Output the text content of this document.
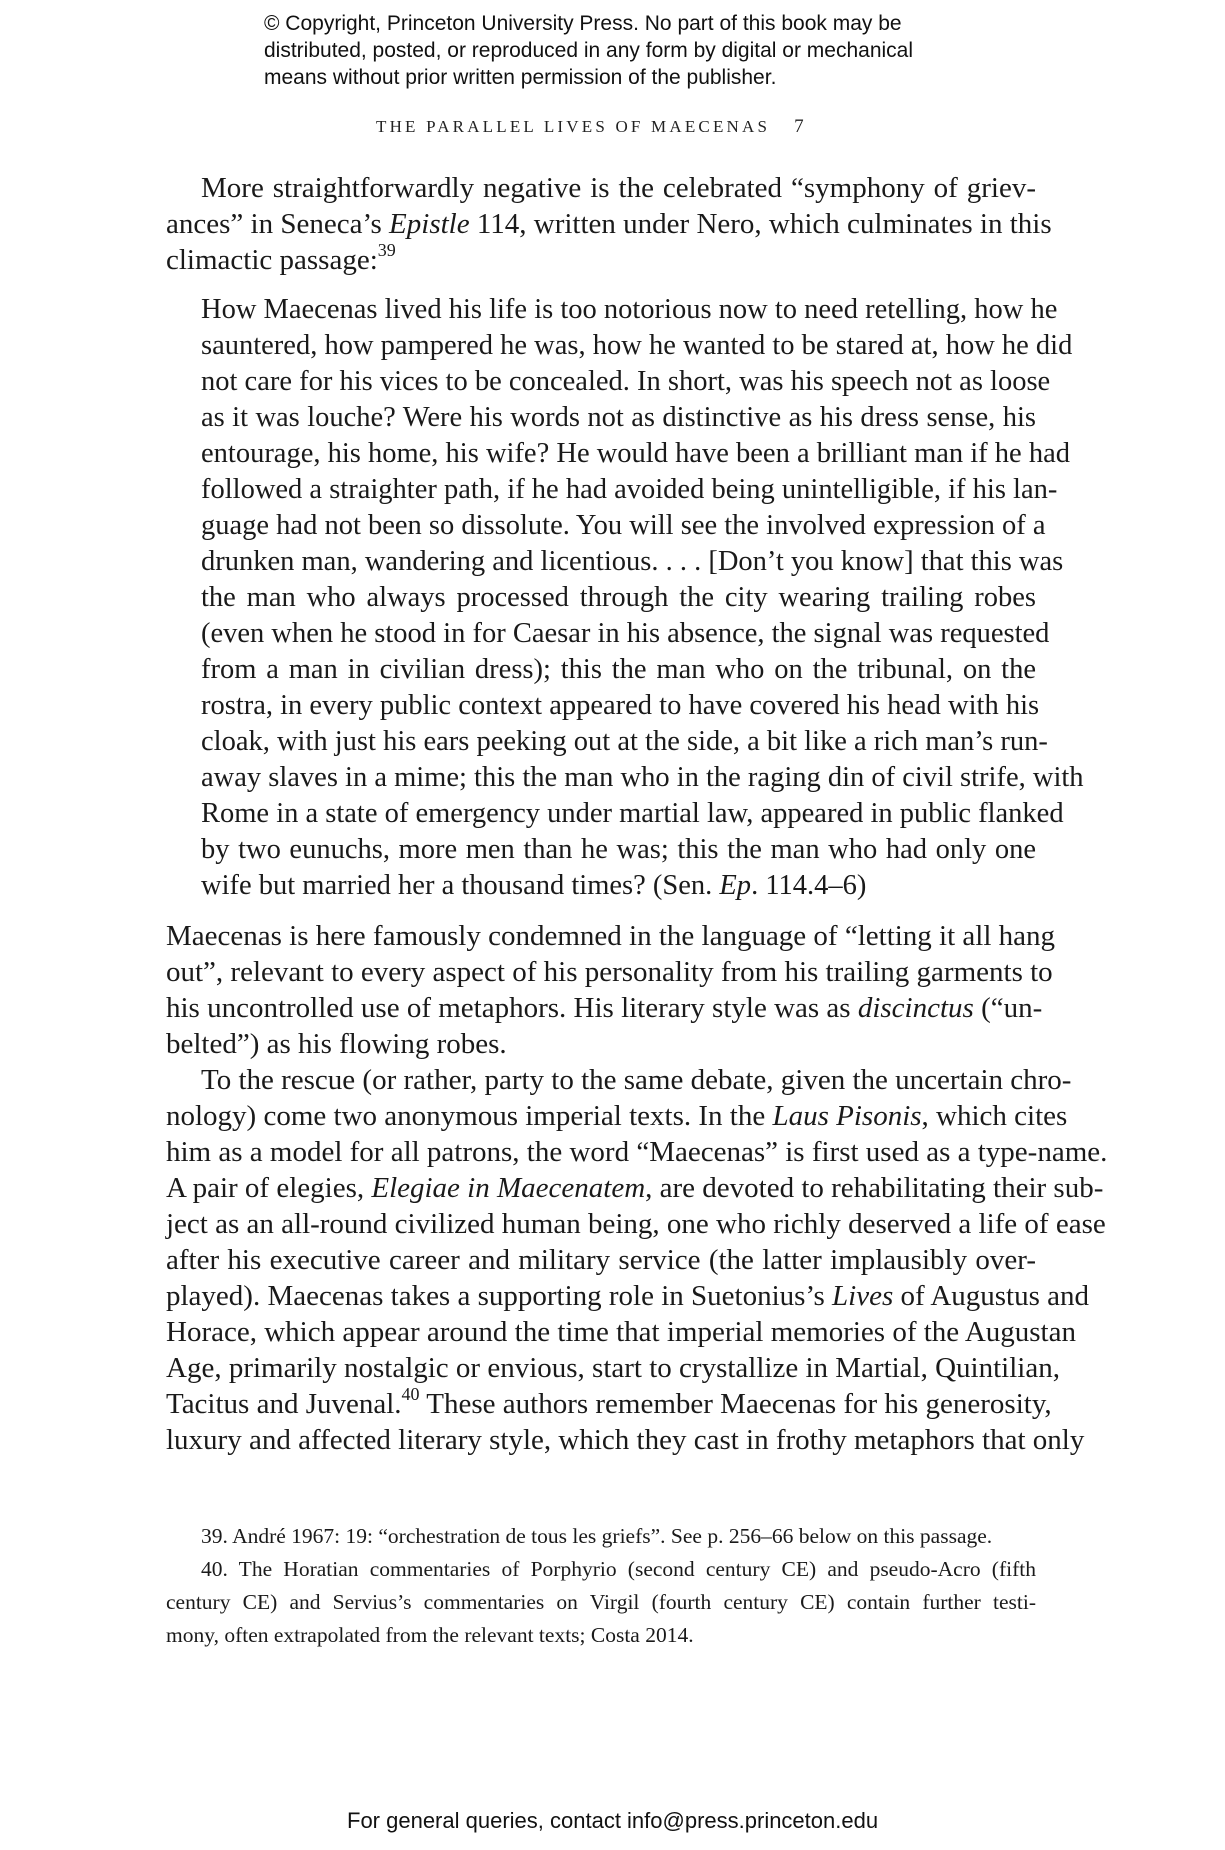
© Copyright, Princeton University Press. No part of this book may be

distributed, posted, or reproduced in any form by digital or mechanical

means without prior written permission of the publisher.

THE PARALLEL LIVES OF MAECENAS 7
More straightforwardly negative is the celebrated “symphony of griev-
ances” in Seneca’s Epistle 114, written under Nero, which culminates in this
climactic passage:$^{39}$
How Maecenas lived his life is too notorious now to need retelling, how he
sauntered, how pampered he was, how he wanted to be stared at, how he did
not care for his vices to be concealed. In short, was his speech not as loose
as it was louche? Were his words not as distinctive as his dress sense, his
entourage, his home, his wife? He would have been a brilliant man if he had
followed a straighter path, if he had avoided being unintelligible, if his lan-
guage had not been so dissolute. You will see the involved expression of a
drunken man, wandering and licentious. . . . [Don’t you know] that this was
the man who always processed through the city wearing trailing robes
(even when he stood in for Caesar in his absence, the signal was requested
from a man in civilian dress); this the man who on the tribunal, on the
rostra, in every public context appeared to have covered his head with his
cloak, with just his ears peeking out at the side, a bit like a rich man’s run-
away slaves in a mime; this the man who in the raging din of civil strife, with
Rome in a state of emergency under martial law, appeared in public flanked
by two eunuchs, more men than he was; this the man who had only one
wife but married her a thousand times? (Sen. Ep. 114.4–6)
Maecenas is here famously condemned in the language of “letting it all hang
out”, relevant to every aspect of his personality from his trailing garments to
his uncontrolled use of metaphors. His literary style was as discinctus (“un-
belted”) as his flowing robes.
To the rescue (or rather, party to the same debate, given the uncertain chro-
nology) come two anonymous imperial texts. In the Laus Pisonis, which cites
him as a model for all patrons, the word “Maecenas” is first used as a type-name.
A pair of elegies, Elegiae in Maecenatem, are devoted to rehabilitating their sub-
ject as an all-round civilized human being, one who richly deserved a life of ease
after his executive career and military service (the latter implausibly over-
played). Maecenas takes a supporting role in Suetonius’s Lives of Augustus and
Horace, which appear around the time that imperial memories of the Augustan
Age, primarily nostalgic or envious, start to crystallize in Martial, Quintilian,
Tacitus and Juvenal.$^{40}$ These authors remember Maecenas for his generosity,
luxury and affected literary style, which they cast in frothy metaphors that only
39. André 1967: 19: “orchestration de tous les griefs”. See p. 256–66 below on this passage.
40. The Horatian commentaries of Porphyrio (second century CE) and pseudo-Acro (fifth
century CE) and Servius’s commentaries on Virgil (fourth century CE) contain further testi-
mony, often extrapolated from the relevant texts; Costa 2014.
For general queries, contact info@press.princeton.edu
